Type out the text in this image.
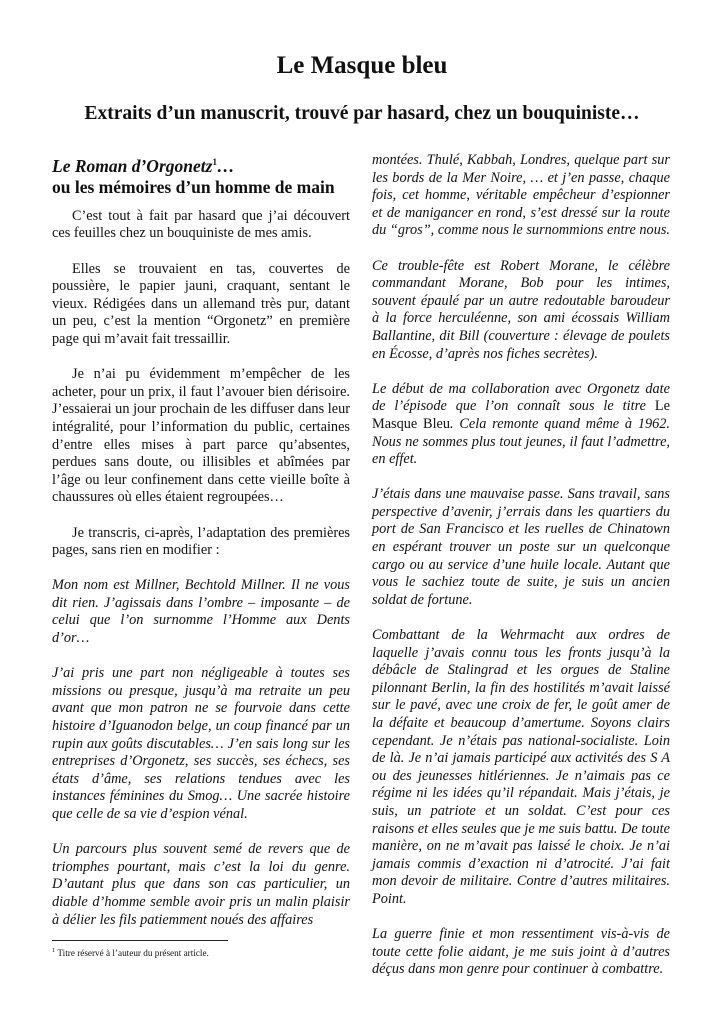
Le Masque bleu
Extraits d’un manuscrit, trouvé par hasard, chez un bouquiniste…
Le Roman d’Orgonetz$^1$…
ou les mémoires d’un homme de main

C’est tout à fait par hasard que j’ai découvert ces feuilles chez un bouquiniste de mes amis.

Elles se trouvaient en tas, couvertes de poussière, le papier jauni, craquant, sentant le vieux. Rédigées dans un allemand très pur, datant un peu, c’est la mention “Orgonetz” en première page qui m’avait fait tressaillir.

Je n’ai pu évidemment m’empêcher de les acheter, pour un prix, il faut l’avouer bien dérisoire. J’essaierai un jour prochain de les diffuser dans leur intégralité, pour l’information du public, certaines d’entre elles mises à part parce qu’absentes, perdues sans doute, ou illisibles et abîmées par l’âge ou leur confinement dans cette vieille boîte à chaussures où elles étaient regroupées…

Je transcris, ci-après, l’adaptation des premières pages, sans rien en modifier :

Mon nom est Millner, Bechtold Millner. Il ne vous dit rien. J’agissais dans l’ombre – imposante – de celui que l’on surnomme l’Homme aux Dents d’or…

J’ai pris une part non négligeable à toutes ses missions ou presque, jusqu’à ma retraite un peu avant que mon patron ne se fourvoie dans cette histoire d’Iguanodon belge, un coup financé par un rupin aux goûts discutables… J’en sais long sur les entreprises d’Orgonetz, ses succès, ses échecs, ses états d’âme, ses relations tendues avec les instances féminines du Smog… Une sacrée histoire que celle de sa vie d’espion vénal.

Un parcours plus souvent semé de revers que de triomphes pourtant, mais c’est la loi du genre. D’autant plus que dans son cas particulier, un diable d’homme semble avoir pris un malin plaisir à délier les fils patiemment noués des affaires

montées. Thulé, Kabbah, Londres, quelque part sur les bords de la Mer Noire, … et j’en passe, chaque fois, cet homme, véritable empêcheur d’espionner et de manigancer en rond, s’est dressé sur la route du “gros”, comme nous le surnommions entre nous.

Ce trouble-fête est Robert Morane, le célèbre commandant Morane, Bob pour les intimes, souvent épaulé par un autre redoutable baroudeur à la force herculéenne, son ami écossais William Ballantine, dit Bill (couverture : élevage de poulets en Écosse, d’après nos fiches secrètes).

Le début de ma collaboration avec Orgonetz date de l’épisode que l’on connaît sous le titre Le Masque Bleu. Cela remonte quand même à 1962. Nous ne sommes plus tout jeunes, il faut l’admettre, en effet.

J’étais dans une mauvaise passe. Sans travail, sans perspective d’avenir, j’errais dans les quartiers du port de San Francisco et les ruelles de Chinatown en espérant trouver un poste sur un quelconque cargo ou au service d’une huile locale. Autant que vous le sachiez toute de suite, je suis un ancien soldat de fortune.

Combattant de la Wehrmacht aux ordres de laquelle j’avais connu tous les fronts jusqu’à la débâcle de Stalingrad et les orgues de Staline pilonnant Berlin, la fin des hostilités m’avait laissé sur le pavé, avec une croix de fer, le goût amer de la défaite et beaucoup d’amertume. Soyons clairs cependant. Je n’étais pas national-socialiste. Loin de là. Je n’ai jamais participé aux activités des S A ou des jeunesses hitlériennes. Je n’aimais pas ce régime ni les idées qu’il répandait. Mais j’étais, je suis, un patriote et un soldat. C’est pour ces raisons et elles seules que je me suis battu. De toute manière, on ne m’avait pas laissé le choix. Je n’ai jamais commis d’exaction ni d’atrocité. J’ai fait mon devoir de militaire. Contre d’autres militaires. Point.

La guerre finie et mon ressentiment vis-à-vis de toute cette folie aidant, je me suis joint à d’autres déçus dans mon genre pour continuer à combattre.

$^1$ Titre réservé à l’auteur du présent article.
